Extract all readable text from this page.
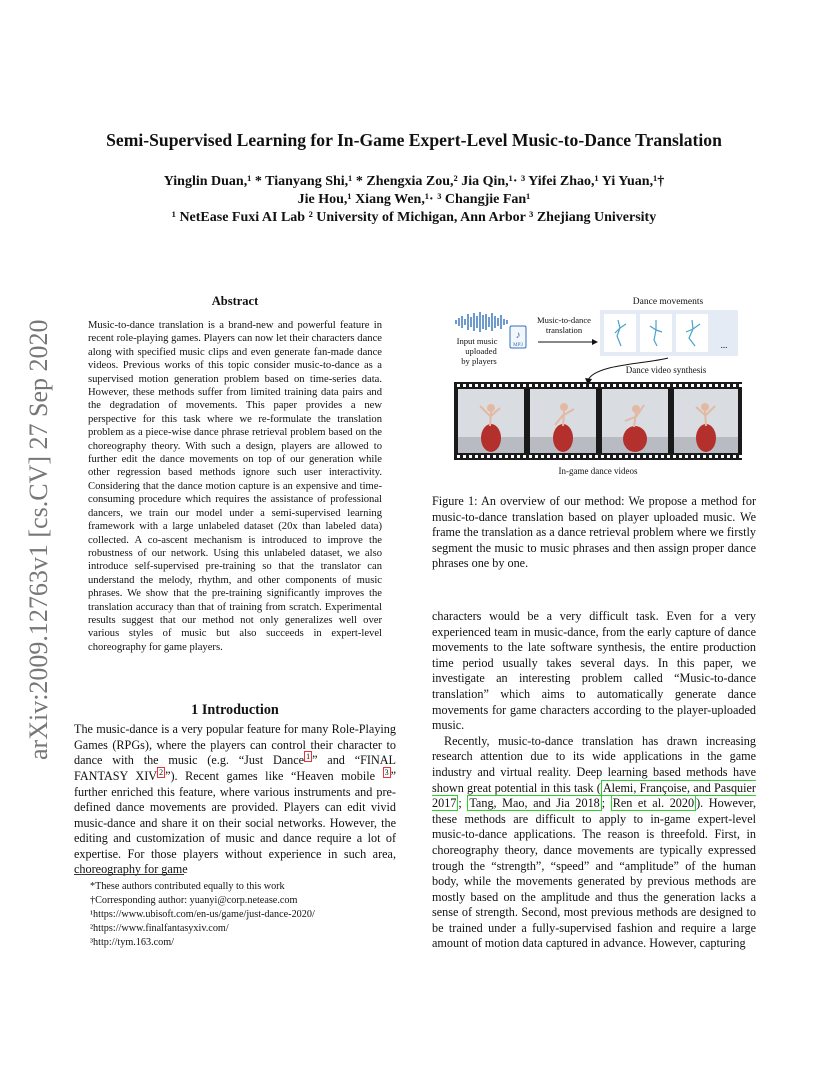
arXiv:2009.12763v1 [cs.CV] 27 Sep 2020
Semi-Supervised Learning for In-Game Expert-Level Music-to-Dance Translation
Yinglin Duan,¹ * Tianyang Shi,¹ * Zhengxia Zou,² Jia Qin,¹· ³ Yifei Zhao,¹ Yi Yuan,¹†
Jie Hou,¹ Xiang Wen,¹· ³ Changjie Fan¹
¹ NetEase Fuxi AI Lab ² University of Michigan, Ann Arbor ³ Zhejiang University
Abstract
Music-to-dance translation is a brand-new and powerful feature in recent role-playing games. Players can now let their characters dance along with specified music clips and even generate fan-made dance videos. Previous works of this topic consider music-to-dance as a supervised motion generation problem based on time-series data. However, these methods suffer from limited training data pairs and the degradation of movements. This paper provides a new perspective for this task where we re-formulate the translation problem as a piece-wise dance phrase retrieval problem based on the choreography theory. With such a design, players are allowed to further edit the dance movements on top of our generation while other regression based methods ignore such user interactivity. Considering that the dance motion capture is an expensive and time-consuming procedure which requires the assistance of professional dancers, we train our model under a semi-supervised learning framework with a large unlabeled dataset (20x than labeled data) collected. A co-ascent mechanism is introduced to improve the robustness of our network. Using this unlabeled dataset, we also introduce self-supervised pre-training so that the translator can understand the melody, rhythm, and other components of music phrases. We show that the pre-training significantly improves the translation accuracy than that of training from scratch. Experimental results suggest that our method not only generalizes well over various styles of music but also succeeds in expert-level choreography for game players.
1 Introduction

The music-dance is a very popular feature for many Role-Playing Games (RPGs), where the players can control their character to dance with the music (e.g. “Just Dance $^1$ ” and “FINAL FANTASY XIV $^2$ ”). Recent games like “Heaven mobile $^3$ ” further enriched this feature, where various instruments and pre-defined dance movements are provided. Players can edit vivid music-dance and share it on their social networks. However, the editing and customization of music and dance require a lot of expertise. For those players without experience in such area, choreography for game

*These authors contributed equally to this work
†Corresponding author: yuanyi@corp.netease.com
¹https://www.ubisoft.com/en-us/game/just-dance-2020/
²https://www.finalfantasyxiv.com/
³http://tym.163.com/
Dance movements
♪
MP3
Input music
uploaded
by players
Music-to-dance
translation
...
Dance video synthesis
In-game dance videos
Figure 1: An overview of our method: We propose a method for music-to-dance translation based on player uploaded music. We frame the translation as a dance retrieval problem where we firstly segment the music to music phrases and then assign proper dance phrases one by one.

characters would be a very difficult task. Even for a very experienced team in music-dance, from the early capture of dance movements to the late software synthesis, the entire production time period usually takes several days. In this paper, we investigate an interesting problem called “Music-to-dance translation” which aims to automatically generate dance movements for game characters according to the player-uploaded music.

Recently, music-to-dance translation has drawn increasing research attention due to its wide applications in the game industry and virtual reality. Deep learning based methods have shown great potential in this task ( Alemi, Françoise, and Pasquier 2017 ; Tang, Mao, and Jia 2018 ; Ren et al. 2020 ). However, these methods are difficult to apply to in-game expert-level music-to-dance applications. The reason is threefold. First, in choreography theory, dance movements are typically expressed trough the “strength”, “speed” and “amplitude” of the human body, while the movements generated by previous methods are mostly based on the amplitude and thus the generation lacks a sense of strength. Second, most previous methods are designed to be trained under a fully-supervised fashion and require a large amount of motion data captured in advance. However, capturing
